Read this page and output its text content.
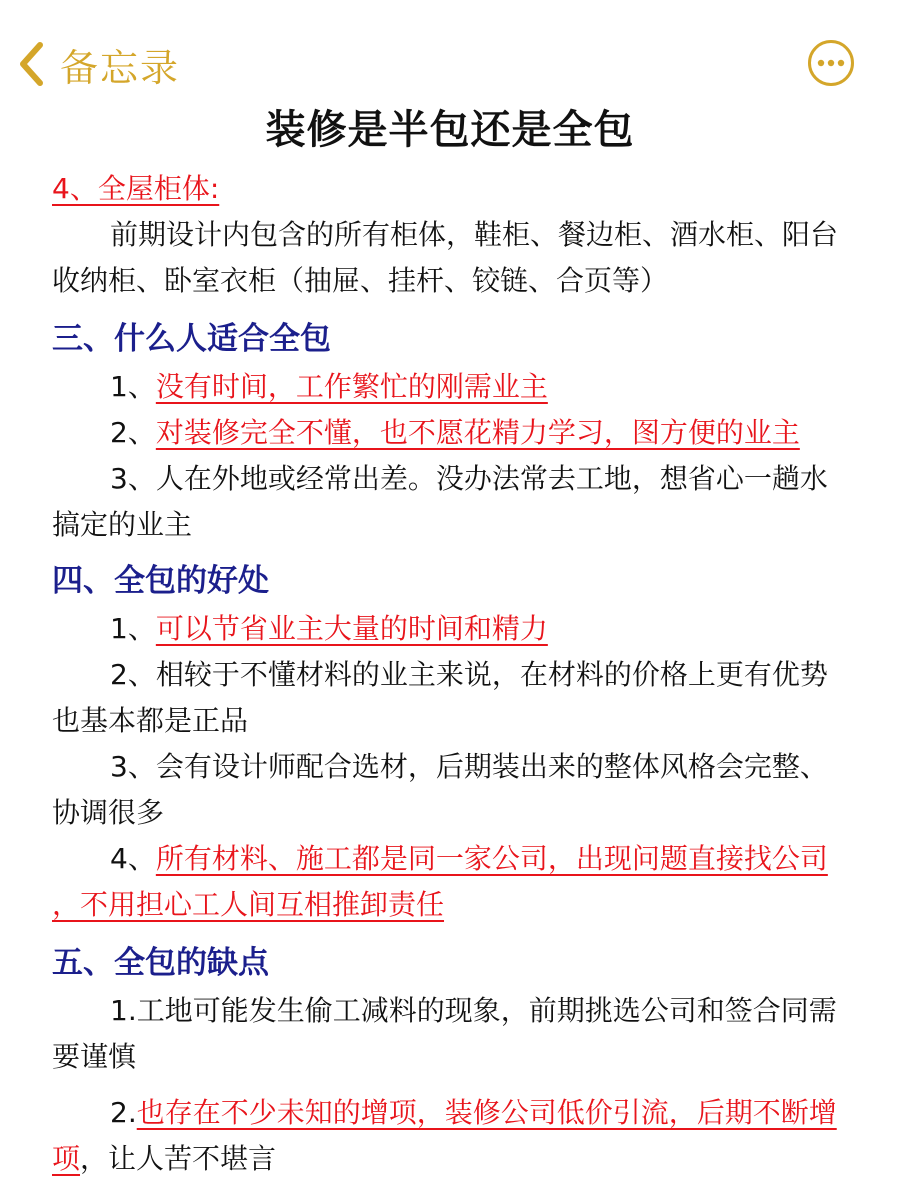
备忘录
装修是半包还是全包
4、全屋柜体:
前期设计内包含的所有柜体，鞋柜、餐边柜、酒水柜、阳台
收纳柜、卧室衣柜（抽屉、挂杆、铰链、合页等）
三、什么人适合全包
1、没有时间，工作繁忙的刚需业主
2、对装修完全不懂，也不愿花精力学习，图方便的业主
3、人在外地或经常出差。没办法常去工地，想省心一趟水
搞定的业主
四、全包的好处
1、可以节省业主大量的时间和精力
2、相较于不懂材料的业主来说，在材料的价格上更有优势
也基本都是正品
3、会有设计师配合选材，后期装出来的整体风格会完整、
协调很多
4、所有材料、施工都是同一家公司，出现问题直接找公司
，不用担心工人间互相推卸责任
五、全包的缺点
1.工地可能发生偷工减料的现象，前期挑选公司和签合同需
要谨慎
2.也存在不少未知的增项，装修公司低价引流，后期不断增
项，让人苦不堪言
